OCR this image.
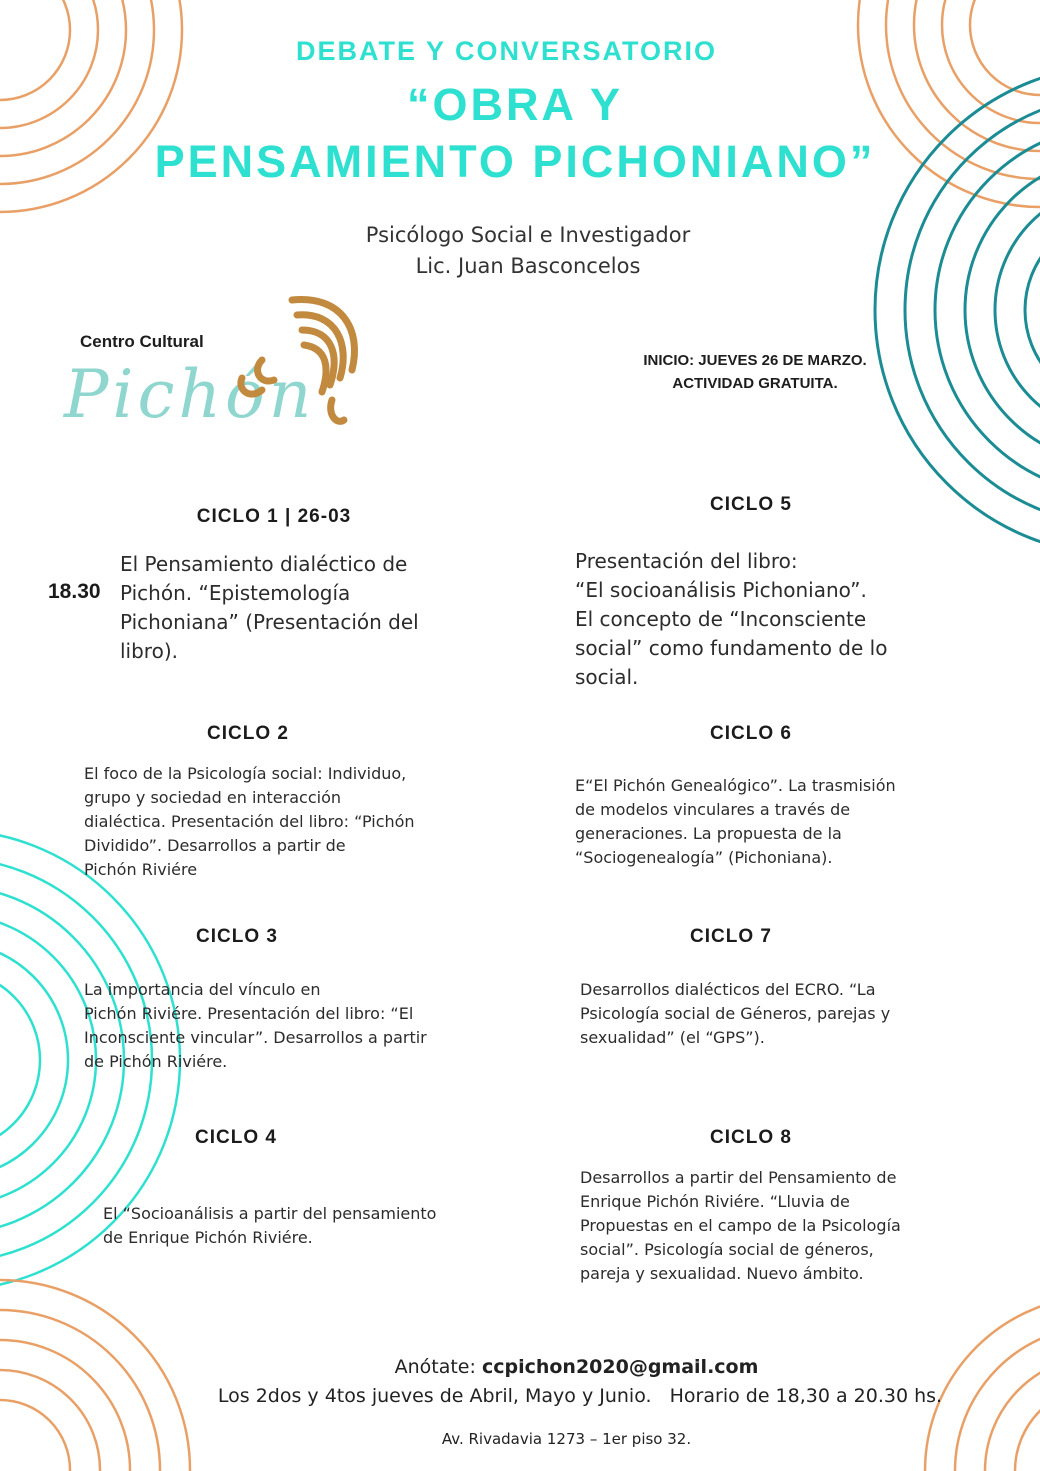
DEBATE Y CONVERSATORIO
“OBRA Y
PENSAMIENTO PICHONIANO”
Psicólogo Social e Investigador
Lic. Juan Basconcelos
Centro Cultural
Pichón	INICIO: JUEVES 26 DE MARZO.
ACTIVIDAD GRATUITA.
CICLO 1 | 26-03
18.30
El Pensamiento dialéctico de
Pichón. “Epistemología
Pichoniana” (Presentación del
libro).
CICLO 5
Presentación del libro:
“El socioanálisis Pichoniano”.
El concepto de “Inconsciente
social” como fundamento de lo
social.
CICLO 2
El foco de la Psicología social: Individuo,
grupo y sociedad en interacción
dialéctica. Presentación del libro: “Pichón
Dividido”. Desarrollos a partir de
Pichón Riviére
CICLO 6
E“El Pichón Genealógico”. La trasmisión
de modelos vinculares a través de
generaciones. La propuesta de la
“Sociogenealogía” (Pichoniana).
CICLO 3
La importancia del vínculo en
Pichón Riviére. Presentación del libro: “El
Inconsciente vincular”. Desarrollos a partir
de Pichón Riviére.
CICLO 7
Desarrollos dialécticos del ECRO. “La
Psicología social de Géneros, parejas y
sexualidad” (el “GPS”).
CICLO 4
El “Socioanálisis a partir del pensamiento
de Enrique Pichón Riviére.
CICLO 8
Desarrollos a partir del Pensamiento de
Enrique Pichón Riviére. “Lluvia de
Propuestas en el campo de la Psicología
social”. Psicología social de géneros,
pareja y sexualidad. Nuevo ámbito.
Anótate: ccpichon2020@gmail.com
Los 2dos y 4tos jueves de Abril, Mayo y Junio.   Horario de 18,30 a 20.30 hs.
Av. Rivadavia 1273 – 1er piso 32.
